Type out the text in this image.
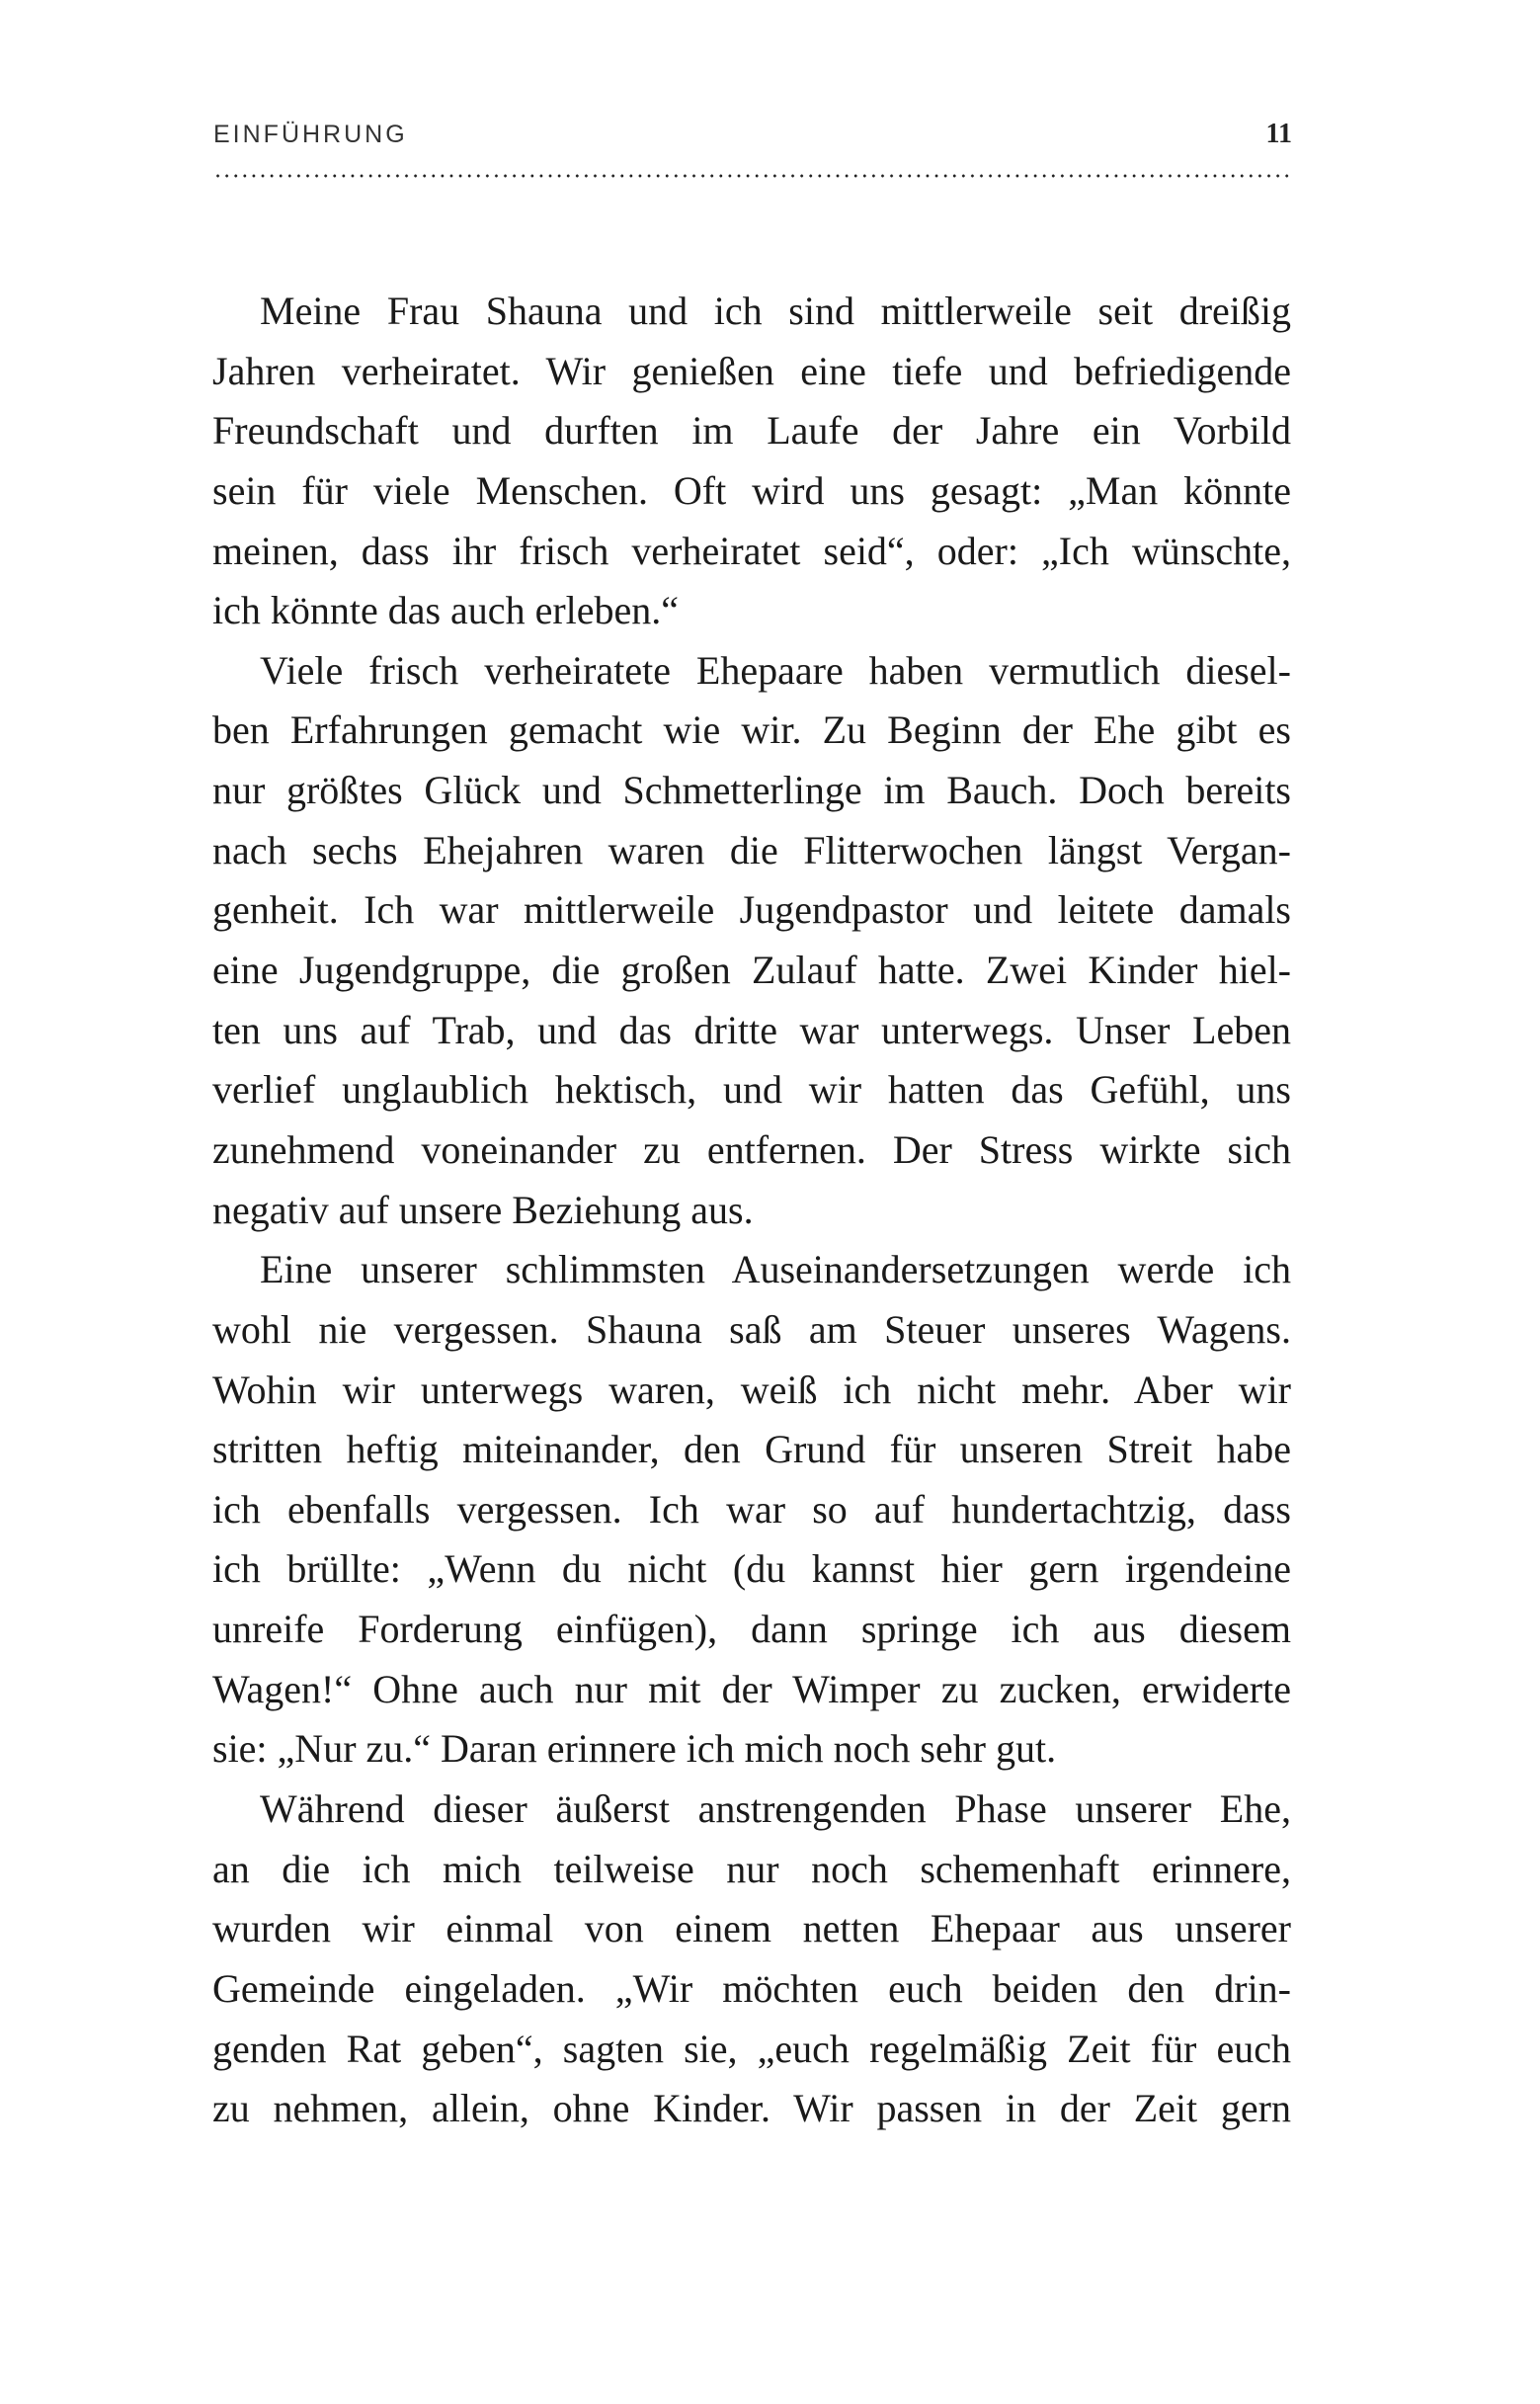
EINFÜHRUNG	11
Meine Frau Shauna und ich sind mittlerweile seit dreißig
Jahren verheiratet. Wir genießen eine tiefe und befriedigende
Freundschaft und durften im Laufe der Jahre ein Vorbild
sein für viele Menschen. Oft wird uns gesagt: „Man könnte
meinen, dass ihr frisch verheiratet seid“, oder: „Ich wünschte,
ich könnte das auch erleben.“
Viele frisch verheiratete Ehepaare haben vermutlich diesel-
ben Erfahrungen gemacht wie wir. Zu Beginn der Ehe gibt es
nur größtes Glück und Schmetterlinge im Bauch. Doch bereits
nach sechs Ehejahren waren die Flitterwochen längst Vergan-
genheit. Ich war mittlerweile Jugendpastor und leitete damals
eine Jugendgruppe, die großen Zulauf hatte. Zwei Kinder hiel-
ten uns auf Trab, und das dritte war unterwegs. Unser Leben
verlief unglaublich hektisch, und wir hatten das Gefühl, uns
zunehmend voneinander zu entfernen. Der Stress wirkte sich
negativ auf unsere Beziehung aus.
Eine unserer schlimmsten Auseinandersetzungen werde ich
wohl nie vergessen. Shauna saß am Steuer unseres Wagens.
Wohin wir unterwegs waren, weiß ich nicht mehr. Aber wir
stritten heftig miteinander, den Grund für unseren Streit habe
ich ebenfalls vergessen. Ich war so auf hundertachtzig, dass
ich brüllte: „Wenn du nicht (du kannst hier gern irgendeine
unreife Forderung einfügen), dann springe ich aus diesem
Wagen!“ Ohne auch nur mit der Wimper zu zucken, erwiderte
sie: „Nur zu.“ Daran erinnere ich mich noch sehr gut.
Während dieser äußerst anstrengenden Phase unserer Ehe,
an die ich mich teilweise nur noch schemenhaft erinnere,
wurden wir einmal von einem netten Ehepaar aus unserer
Gemeinde eingeladen. „Wir möchten euch beiden den drin-
genden Rat geben“, sagten sie, „euch regelmäßig Zeit für euch
zu nehmen, allein, ohne Kinder. Wir passen in der Zeit gern
